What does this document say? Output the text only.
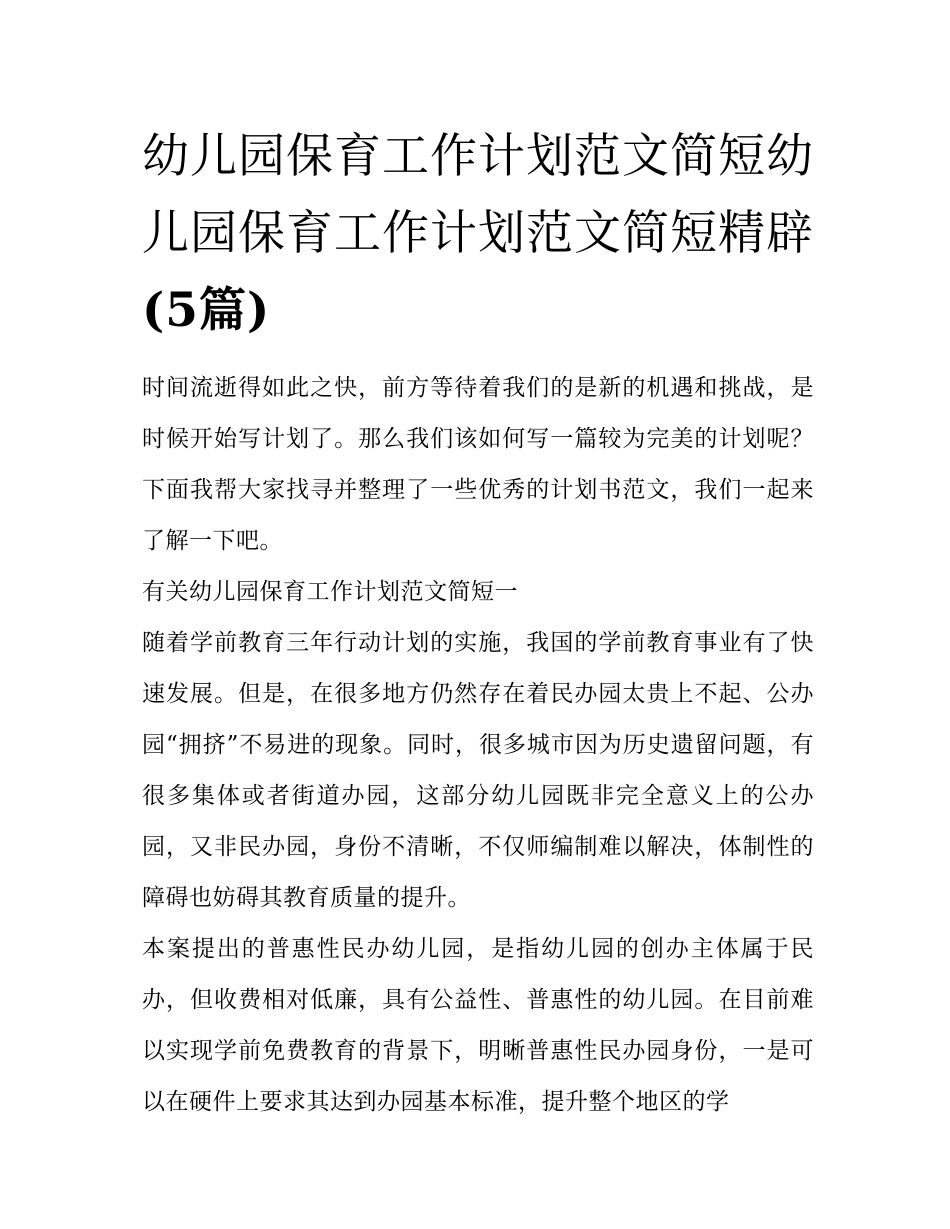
幼儿园保育工作计划范文简短幼儿园保育工作计划范文简短精辟(5篇)

时间流逝得如此之快，前方等待着我们的是新的机遇和挑战，是时候开始写计划了。那么我们该如何写一篇较为完美的计划呢？下面我帮大家找寻并整理了一些优秀的计划书范文，我们一起来了解一下吧。

有关幼儿园保育工作计划范文简短一

随着学前教育三年行动计划的实施，我国的学前教育事业有了快速发展。但是，在很多地方仍然存在着民办园太贵上不起、公办园“拥挤”不易进的现象。同时，很多城市因为历史遗留问题，有很多集体或者街道办园，这部分幼儿园既非完全意义上的公办园，又非民办园，身份不清晰，不仅师编制难以解决，体制性的障碍也妨碍其教育质量的提升。

本案提出的普惠性民办幼儿园，是指幼儿园的创办主体属于民办，但收费相对低廉，具有公益性、普惠性的幼儿园。在目前难以实现学前免费教育的背景下，明晰普惠性民办园身份，一是可以在硬件上要求其达到办园基本标准，提升整个地区的学
